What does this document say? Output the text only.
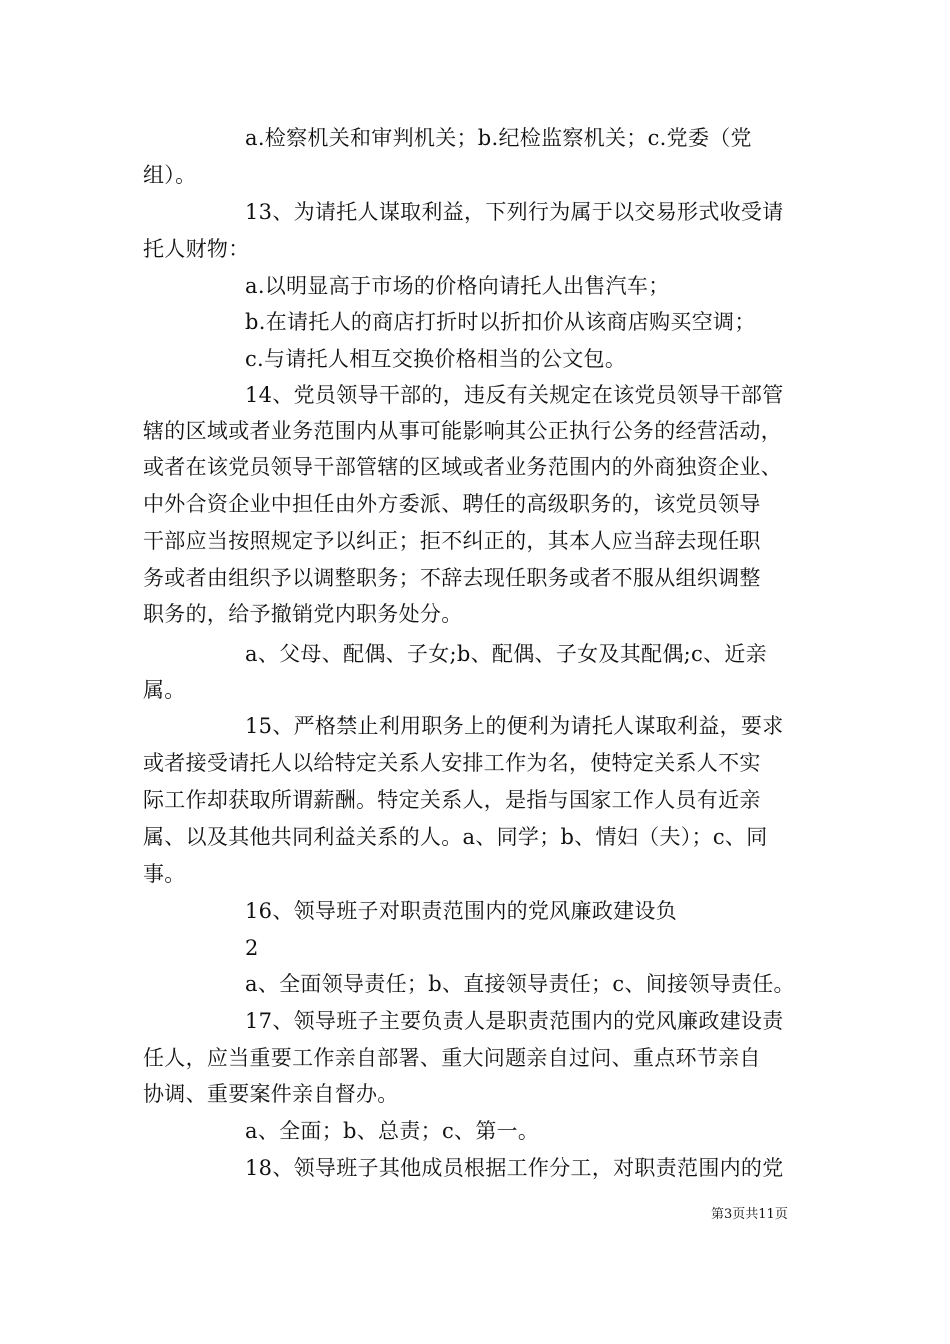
a.检察机关和审判机关；b.纪检监察机关；c.党委（党
组）。
13、为请托人谋取利益，下列行为属于以交易形式收受请
托人财物：
a.以明显高于市场的价格向请托人出售汽车；
b.在请托人的商店打折时以折扣价从该商店购买空调；
c.与请托人相互交换价格相当的公文包。
14、党员领导干部的，违反有关规定在该党员领导干部管
辖的区域或者业务范围内从事可能影响其公正执行公务的经营活动，
或者在该党员领导干部管辖的区域或者业务范围内的外商独资企业、
中外合资企业中担任由外方委派、聘任的高级职务的，该党员领导
干部应当按照规定予以纠正；拒不纠正的，其本人应当辞去现任职
务或者由组织予以调整职务；不辞去现任职务或者不服从组织调整
职务的，给予撤销党内职务处分。
a、父母、配偶、子女;b、配偶、子女及其配偶;c、近亲
属。
15、严格禁止利用职务上的便利为请托人谋取利益，要求
或者接受请托人以给特定关系人安排工作为名，使特定关系人不实
际工作却获取所谓薪酬。特定关系人，是指与国家工作人员有近亲
属、以及其他共同利益关系的人。a、同学；b、情妇（夫）；c、同
事。
16、领导班子对职责范围内的党风廉政建设负
2
a、全面领导责任；b、直接领导责任；c、间接领导责任。
17、领导班子主要负责人是职责范围内的党风廉政建设责
任人，应当重要工作亲自部署、重大问题亲自过问、重点环节亲自
协调、重要案件亲自督办。
a、全面；b、总责；c、第一。
18、领导班子其他成员根据工作分工，对职责范围内的党
第3页共11页
